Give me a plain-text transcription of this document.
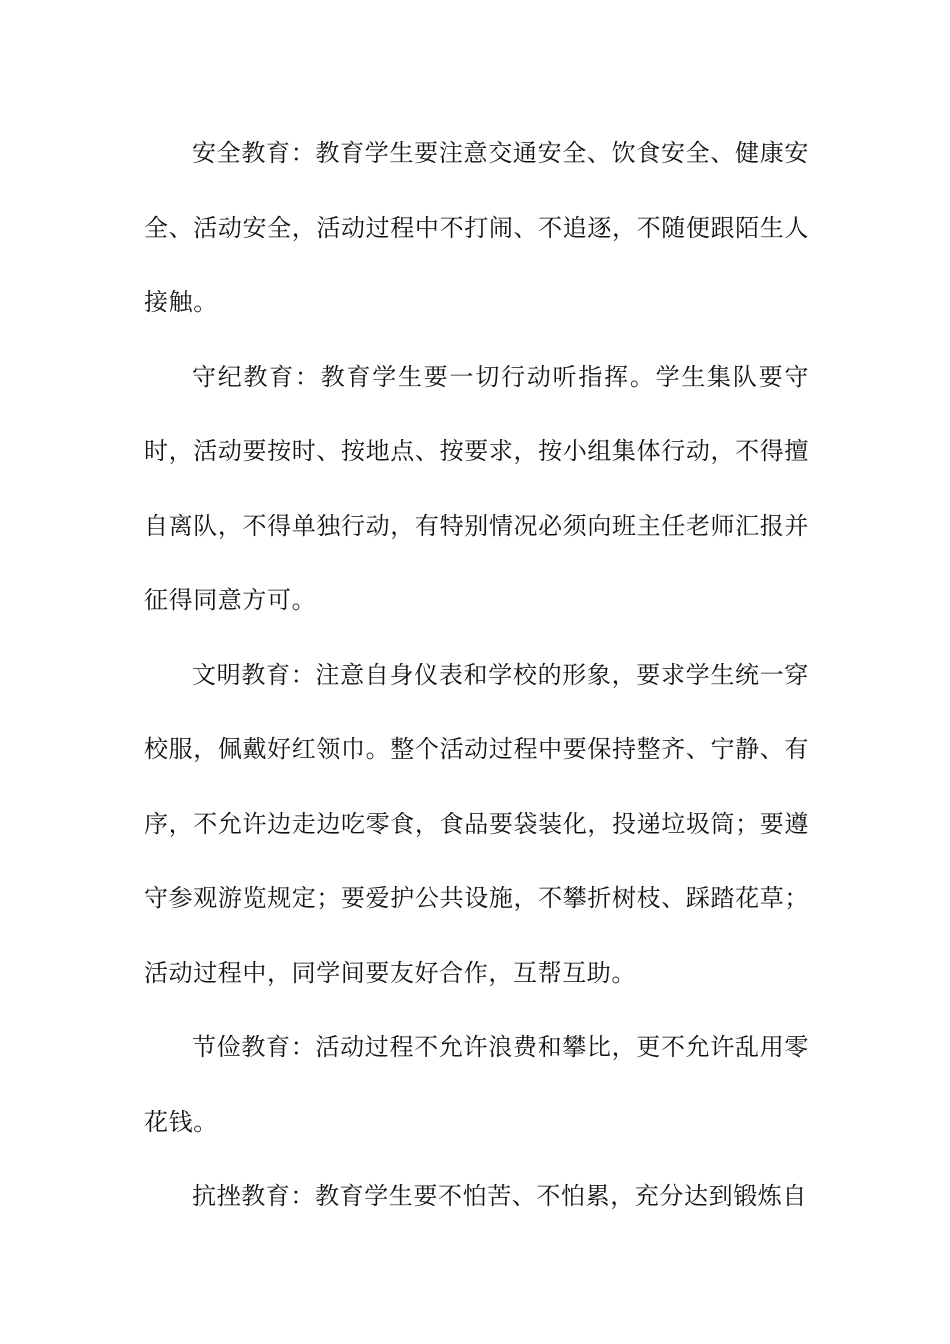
安全教育：教育学生要注意交通安全、饮食安全、健康安全、活动安全，活动过程中不打闹、不追逐，不随便跟陌生人接触。

守纪教育：教育学生要一切行动听指挥。学生集队要守时，活动要按时、按地点、按要求，按小组集体行动，不得擅自离队，不得单独行动，有特别情况必须向班主任老师汇报并征得同意方可。

文明教育：注意自身仪表和学校的形象，要求学生统一穿校服，佩戴好红领巾。整个活动过程中要保持整齐、宁静、有序，不允许边走边吃零食，食品要袋装化，投递垃圾筒；要遵守参观游览规定；要爱护公共设施，不攀折树枝、踩踏花草；活动过程中，同学间要友好合作，互帮互助。

节俭教育：活动过程不允许浪费和攀比，更不允许乱用零花钱。

抗挫教育：教育学生要不怕苦、不怕累，充分达到锻炼自
